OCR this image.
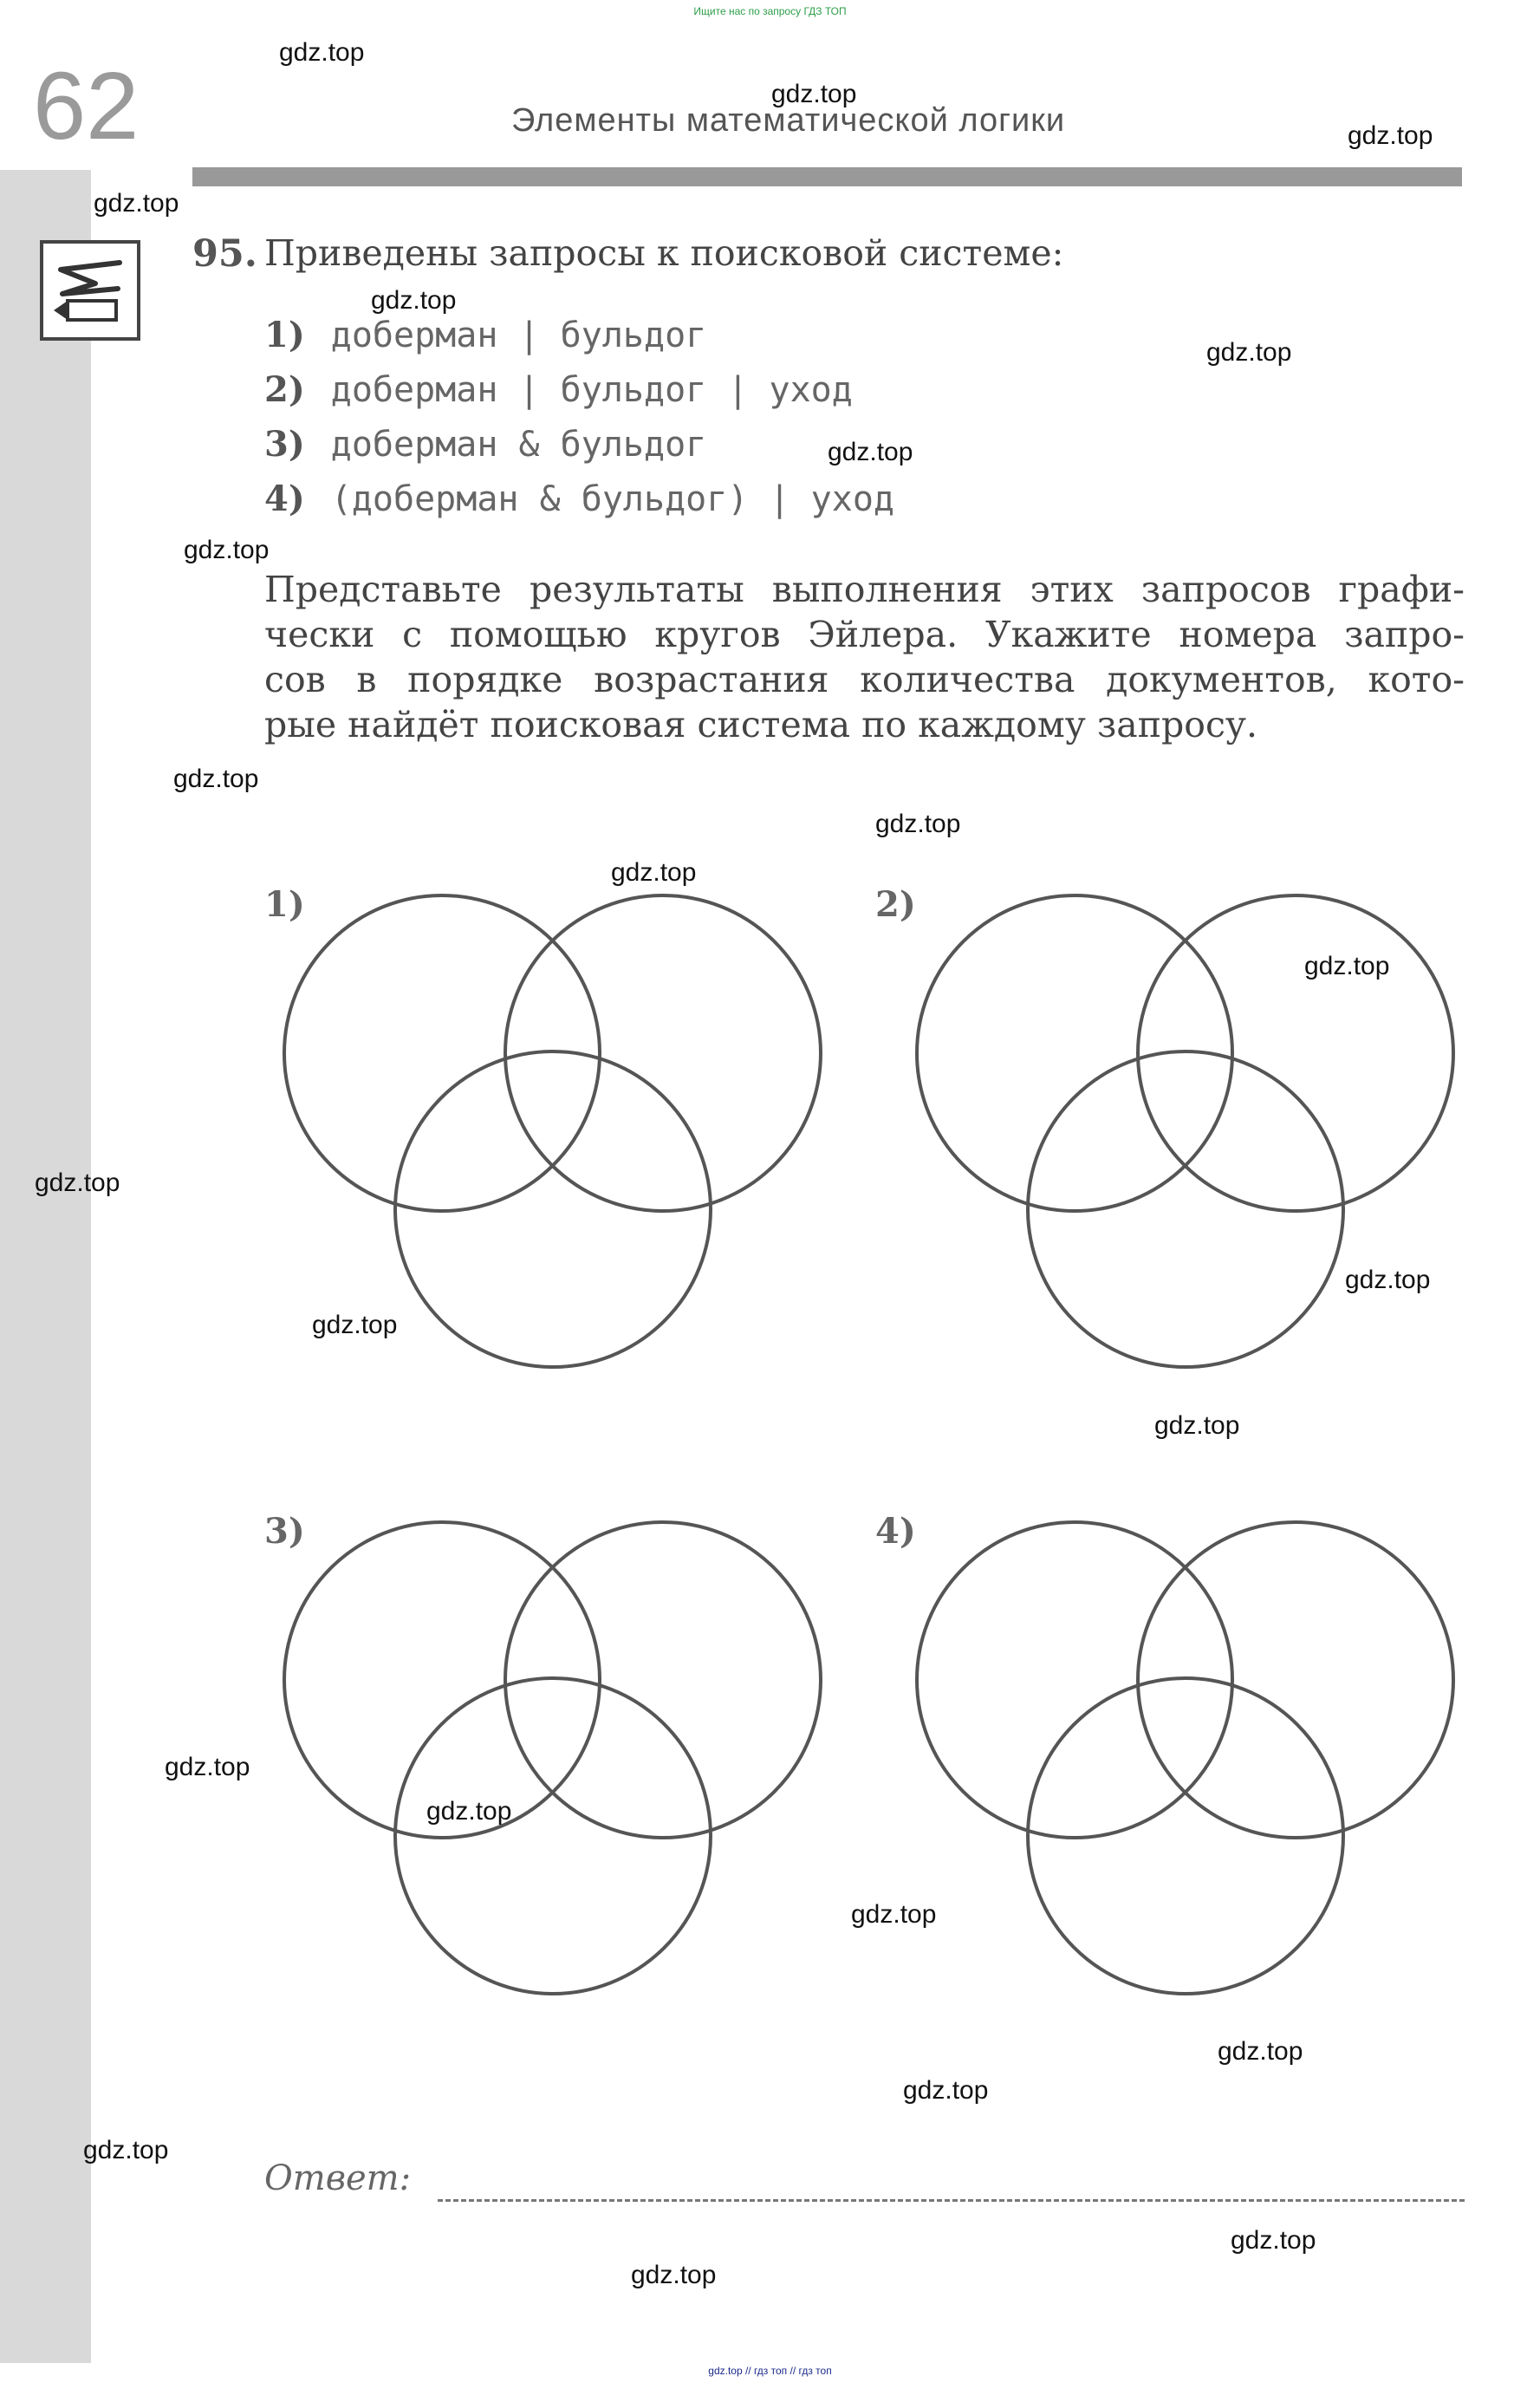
Ищите нас по запросу ГДЗ ТОП
62	Элементы математической логики
95. Приведены запросы к поисковой системе:
1) доберман | бульдог
2) доберман | бульдог | уход
3) доберман & бульдог
4) (доберман & бульдог) | уход
Представьте результаты выполнения этих запросов графи-
чески с помощью кругов Эйлера. Укажите номера запро-
сов в порядке возрастания количества документов, кото-
рые найдёт поисковая система по каждому запросу.
1)	2)
3)	4)
Ответ:
gdz.top
gdz.top
gdz.top
gdz.top
gdz.top
gdz.top
gdz.top
gdz.top
gdz.top
gdz.top
gdz.top
gdz.top
gdz.top
gdz.top
gdz.top
gdz.top
gdz.top
gdz.top
gdz.top
gdz.top
gdz.top
gdz.top
gdz.top
gdz.top
gdz.top // гдз топ // гдз топ
